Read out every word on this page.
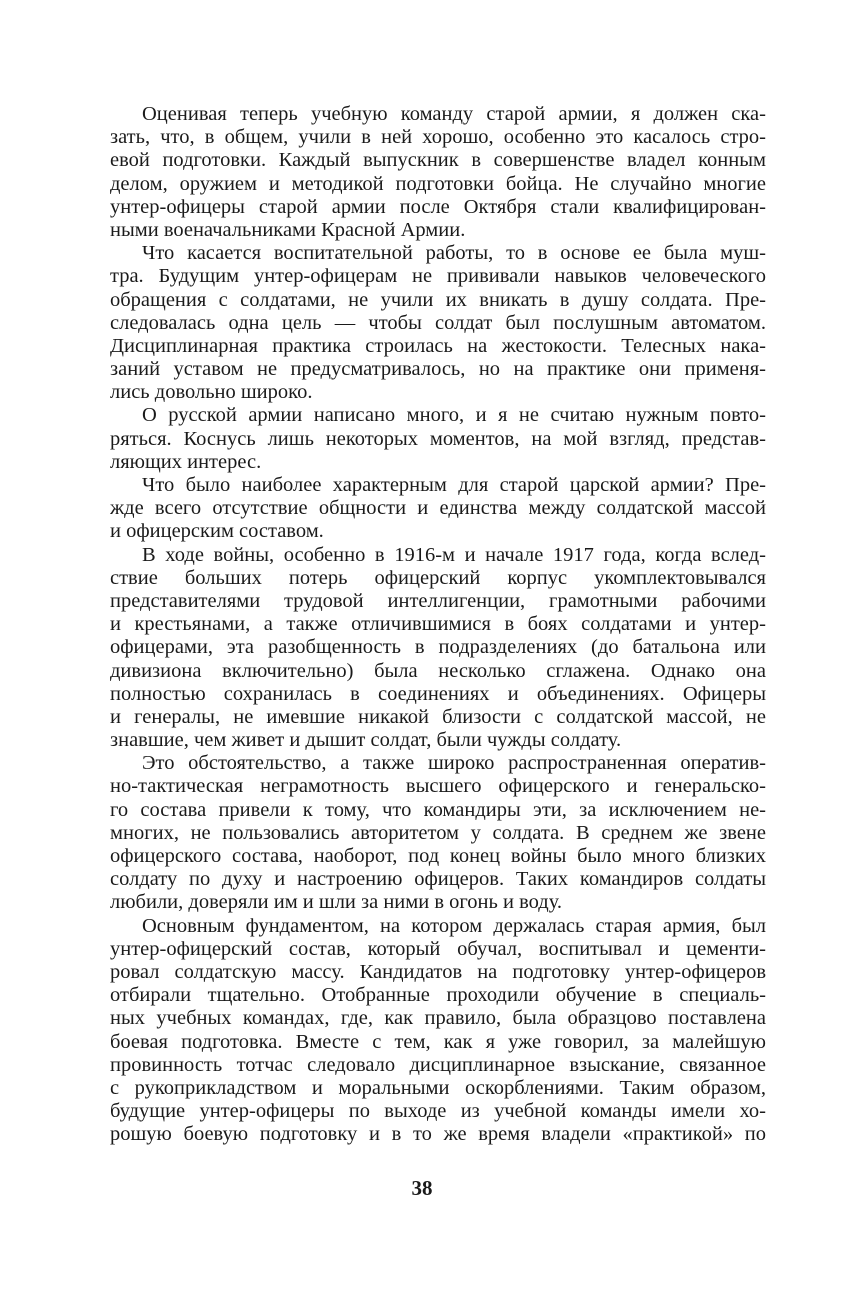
Оценивая теперь учебную команду старой армии, я должен ска-
зать, что, в общем, учили в ней хорошо, особенно это касалось стро-
евой подготовки. Каждый выпускник в совершенстве владел конным
делом, оружием и методикой подготовки бойца. Не случайно многие
унтер-офицеры старой армии после Октября стали квалифицирован-
ными военачальниками Красной Армии.
Что касается воспитательной работы, то в основе ее была муш-
тра. Будущим унтер-офицерам не прививали навыков человеческого
обращения с солдатами, не учили их вникать в душу солдата. Пре-
следовалась одна цель — чтобы солдат был послушным автоматом.
Дисциплинарная практика строилась на жестокости. Телесных нака-
заний уставом не предусматривалось, но на практике они применя-
лись довольно широко.
О русской армии написано много, и я не считаю нужным повто-
ряться. Коснусь лишь некоторых моментов, на мой взгляд, представ-
ляющих интерес.
Что было наиболее характерным для старой царской армии? Пре-
жде всего отсутствие общности и единства между солдатской массой
и офицерским составом.
В ходе войны, особенно в 1916-м и начале 1917 года, когда вслед-
ствие больших потерь офицерский корпус укомплектовывался
представителями трудовой интеллигенции, грамотными рабочими
и крестьянами, а также отличившимися в боях солдатами и унтер-
офицерами, эта разобщенность в подразделениях (до батальона или
дивизиона включительно) была несколько сглажена. Однако она
полностью сохранилась в соединениях и объединениях. Офицеры
и генералы, не имевшие никакой близости с солдатской массой, не
знавшие, чем живет и дышит солдат, были чужды солдату.
Это обстоятельство, а также широко распространенная оператив-
но-тактическая неграмотность высшего офицерского и генеральско-
го состава привели к тому, что командиры эти, за исключением не-
многих, не пользовались авторитетом у солдата. В среднем же звене
офицерского состава, наоборот, под конец войны было много близких
солдату по духу и настроению офицеров. Таких командиров солдаты
любили, доверяли им и шли за ними в огонь и воду.
Основным фундаментом, на котором держалась старая армия, был
унтер-офицерский состав, который обучал, воспитывал и цементи-
ровал солдатскую массу. Кандидатов на подготовку унтер-офицеров
отбирали тщательно. Отобранные проходили обучение в специаль-
ных учебных командах, где, как правило, была образцово поставлена
боевая подготовка. Вместе с тем, как я уже говорил, за малейшую
провинность тотчас следовало дисциплинарное взыскание, связанное
с рукоприкладством и моральными оскорблениями. Таким образом,
будущие унтер-офицеры по выходе из учебной команды имели хо-
рошую боевую подготовку и в то же время владели «практикой» по
38
